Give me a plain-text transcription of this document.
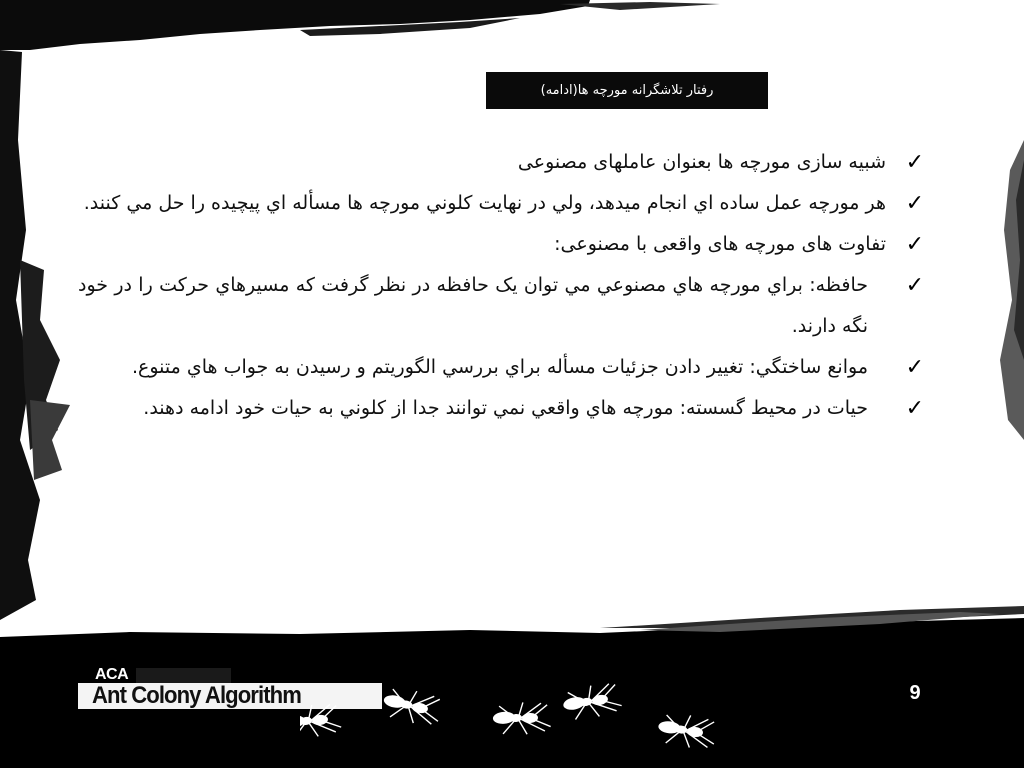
رفتار تلاشگرانه مورچه ها(ادامه)
✓
شبیه سازی مورچه ها بعنوان عاملهای مصنوعی
✓
هر مورچه عمل ساده اي انجام ميدهد، ولي در نهايت كلوني مورچه ها مسأله اي پيچيده را حل مي كنند.
✓
تفاوت های مورچه های واقعی با مصنوعی:
✓
حافظه: براي مورچه هاي مصنوعي مي توان يک حافظه در نظر گرفت که مسيرهاي حرکت را در خود نگه دارند.
✓
موانع ساختگي: تغيير دادن جزئيات مسأله براي بررسي الگوريتم و رسيدن به جواب هاي متنوع.
✓
حيات در محيط گسسته: مورچه هاي واقعي نمي توانند جدا از كلوني به حيات خود ادامه دهند.
ACA
Ant Colony Algorithm	9
